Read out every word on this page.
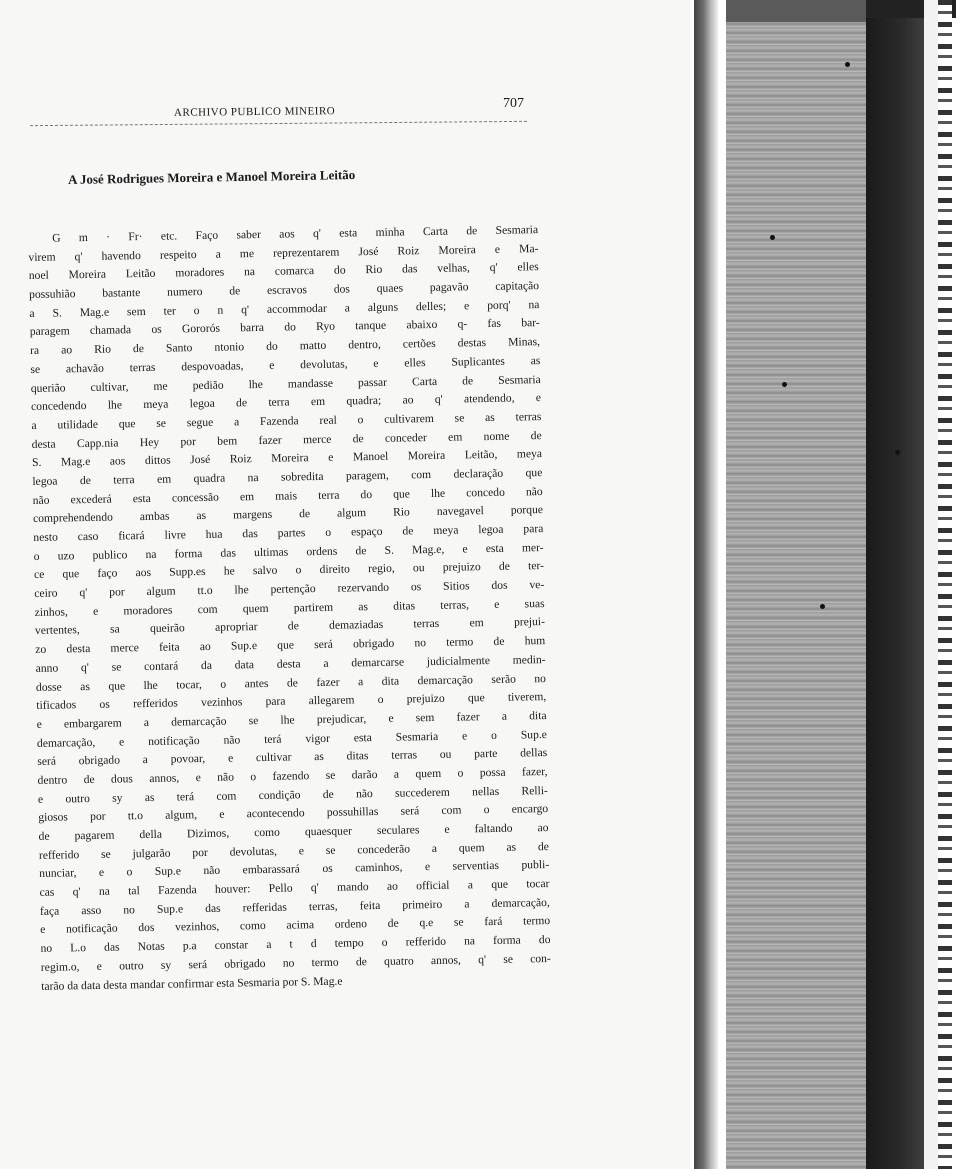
ARCHIVO PUBLICO MINEIRO
707
A José Rodrigues Moreira e Manoel Moreira Leitão
G m · Fr· etc. Faço saber aos q' esta minha Carta de Sesmaria
virem q' havendo respeito a me reprezentarem José Roiz Moreira e Ma-
noel Moreira Leitão moradores na comarca do Rio das velhas, q' elles
possuhião bastante numero de escravos dos quaes pagavão capitação
a S. Mag.e sem ter o n q' accommodar a alguns delles; e porq' na
paragem chamada os Gororós barra do Ryo tanque abaixo q- fas bar-
ra ao Rio de Santo ntonio do matto dentro, certões destas Minas,
se achavão terras despovoadas, e devolutas, e elles Suplicantes as
querião cultivar, me pedião lhe mandasse passar Carta de Sesmaria
concedendo lhe meya legoa de terra em quadra; ao q' atendendo, e
a utilidade que se segue a Fazenda real o cultivarem se as terras
desta Capp.nia Hey por bem fazer merce de conceder em nome de
S. Mag.e aos dittos José Roiz Moreira e Manoel Moreira Leitão, meya
legoa de terra em quadra na sobredita paragem, com declaração que
não excederá esta concessão em mais terra do que lhe concedo não
comprehendendo ambas as margens de algum Rio navegavel porque
nesto caso ficará livre hua das partes o espaço de meya legoa para
o uzo publico na forma das ultimas ordens de S. Mag.e, e esta mer-
ce que faço aos Supp.es he salvo o direito regio, ou prejuizo de ter-
ceiro q' por algum tt.o lhe pertenção rezervando os Sitios dos ve-
zinhos, e moradores com quem partirem as ditas terras, e suas
vertentes, sa queirão apropriar de demaziadas terras em prejui-
zo desta merce feita ao Sup.e que será obrigado no termo de hum
anno q' se contará da data desta a demarcarse judicialmente medin-
dosse as que lhe tocar, o antes de fazer a dita demarcação serão no
tificados os refferidos vezinhos para allegarem o prejuizo que tiverem,
e embargarem a demarcação se lhe prejudicar, e sem fazer a dita
demarcação, e notificação não terá vigor esta Sesmaria e o Sup.e
será obrigado a povoar, e cultivar as ditas terras ou parte dellas
dentro de dous annos, e não o fazendo se darão a quem o possa fazer,
e outro sy as terá com condição de não succederem nellas Relli-
giosos por tt.o algum, e acontecendo possuhillas será com o encargo
de pagarem della Dizimos, como quaesquer seculares e faltando ao
refferido se julgarão por devolutas, e se concederão a quem as de
nunciar, e o Sup.e não embarassará os caminhos, e serventias publi-
cas q' na tal Fazenda houver: Pello q' mando ao official a que tocar
faça asso no Sup.e das refferidas terras, feita primeiro a demarcação,
e notificação dos vezinhos, como acima ordeno de q.e se fará termo
no L.o das Notas p.a constar a t d tempo o refferido na forma do
regim.o, e outro sy será obrigado no termo de quatro annos, q' se con-
tarão da data desta mandar confirmar esta Sesmaria por S. Mag.e
